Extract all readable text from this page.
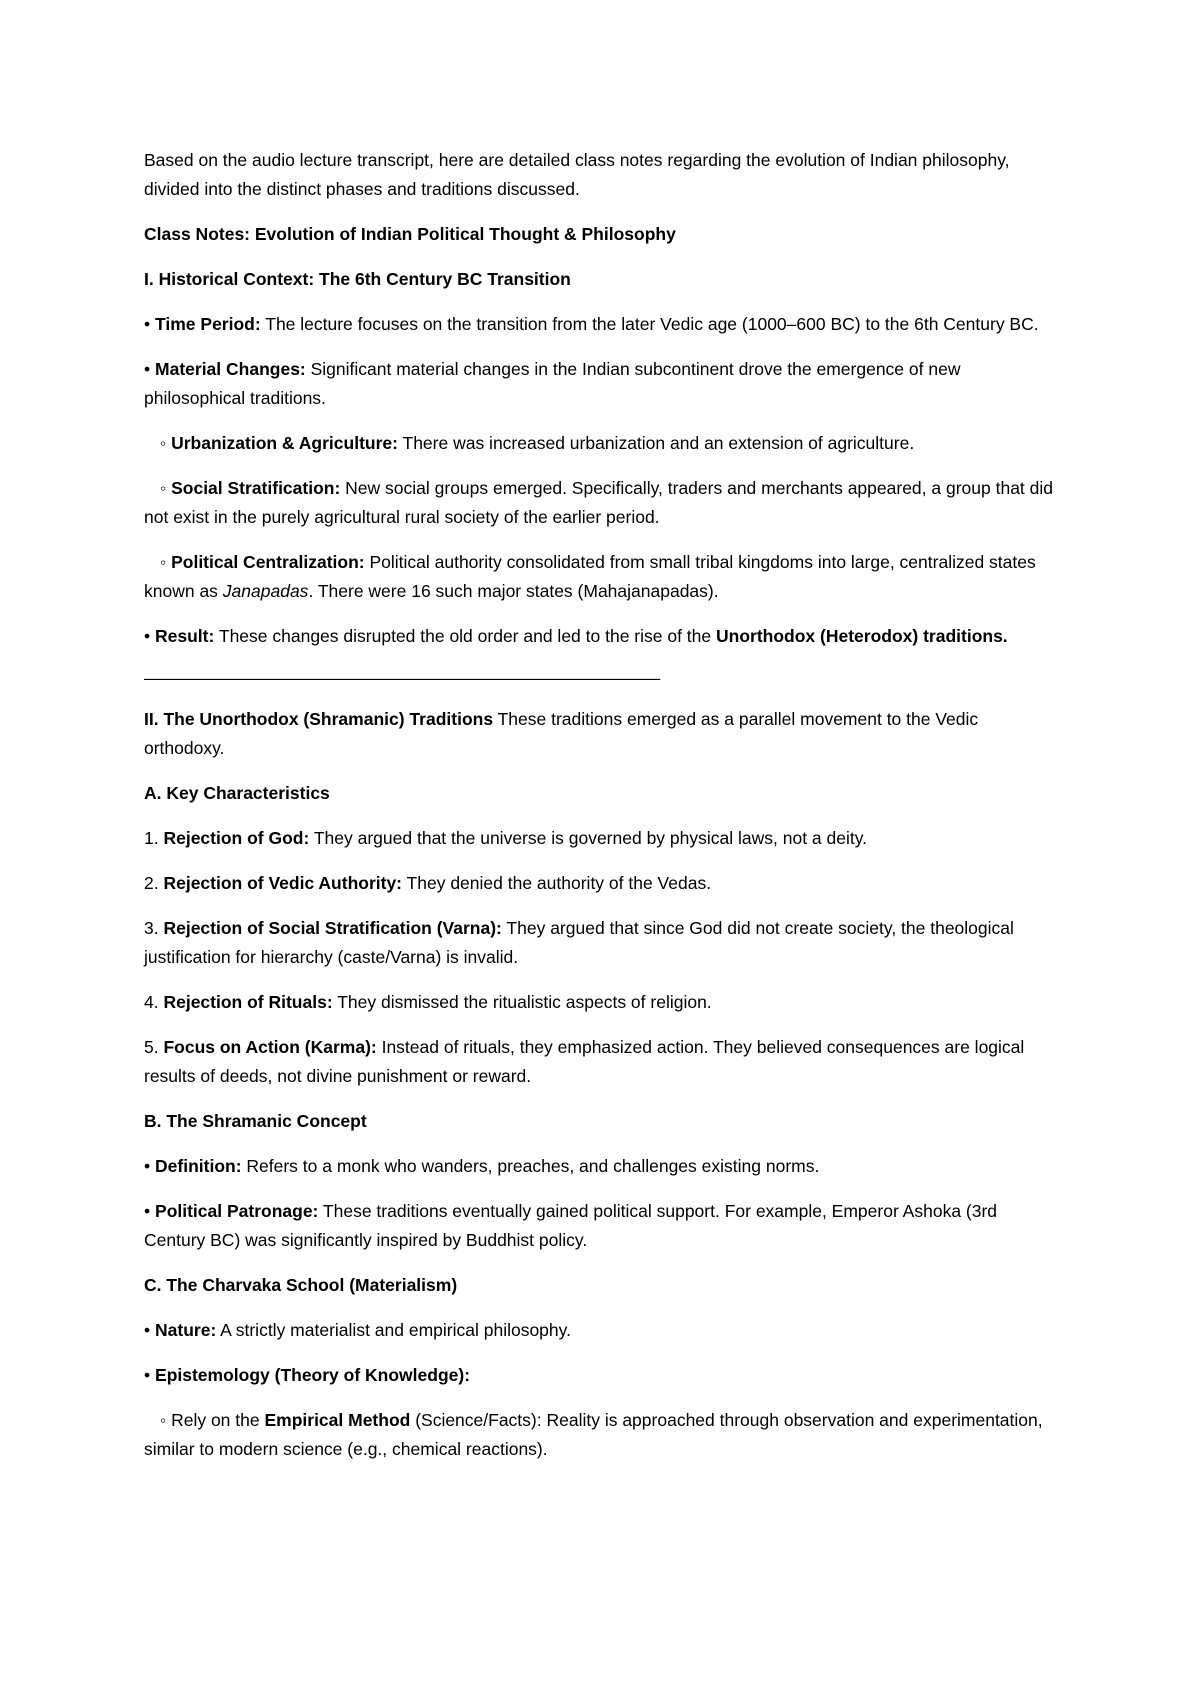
Based on the audio lecture transcript, here are detailed class notes regarding the evolution of Indian philosophy, divided into the distinct phases and traditions discussed.

Class Notes: Evolution of Indian Political Thought & Philosophy

I. Historical Context: The 6th Century BC Transition

• Time Period: The lecture focuses on the transition from the later Vedic age (1000–600 BC) to the 6th Century BC.

• Material Changes: Significant material changes in the Indian subcontinent drove the emergence of new philosophical traditions.

◦ Urbanization & Agriculture: There was increased urbanization and an extension of agriculture.

◦ Social Stratification: New social groups emerged. Specifically, traders and merchants appeared, a group that did not exist in the purely agricultural rural society of the earlier period.

◦ Political Centralization: Political authority consolidated from small tribal kingdoms into large, centralized states known as Janapadas. There were 16 such major states (Mahajanapadas).

• Result: These changes disrupted the old order and led to the rise of the Unorthodox (Heterodox) traditions.

——————————————————————————————

II. The Unorthodox (Shramanic) Traditions These traditions emerged as a parallel movement to the Vedic orthodoxy.

A. Key Characteristics

1. Rejection of God: They argued that the universe is governed by physical laws, not a deity.

2. Rejection of Vedic Authority: They denied the authority of the Vedas.

3. Rejection of Social Stratification (Varna): They argued that since God did not create society, the theological justification for hierarchy (caste/Varna) is invalid.

4. Rejection of Rituals: They dismissed the ritualistic aspects of religion.

5. Focus on Action (Karma): Instead of rituals, they emphasized action. They believed consequences are logical results of deeds, not divine punishment or reward.

B. The Shramanic Concept

• Definition: Refers to a monk who wanders, preaches, and challenges existing norms.

• Political Patronage: These traditions eventually gained political support. For example, Emperor Ashoka (3rd Century BC) was significantly inspired by Buddhist policy.

C. The Charvaka School (Materialism)

• Nature: A strictly materialist and empirical philosophy.

• Epistemology (Theory of Knowledge):

◦ Rely on the Empirical Method (Science/Facts): Reality is approached through observation and experimentation, similar to modern science (e.g., chemical reactions).
